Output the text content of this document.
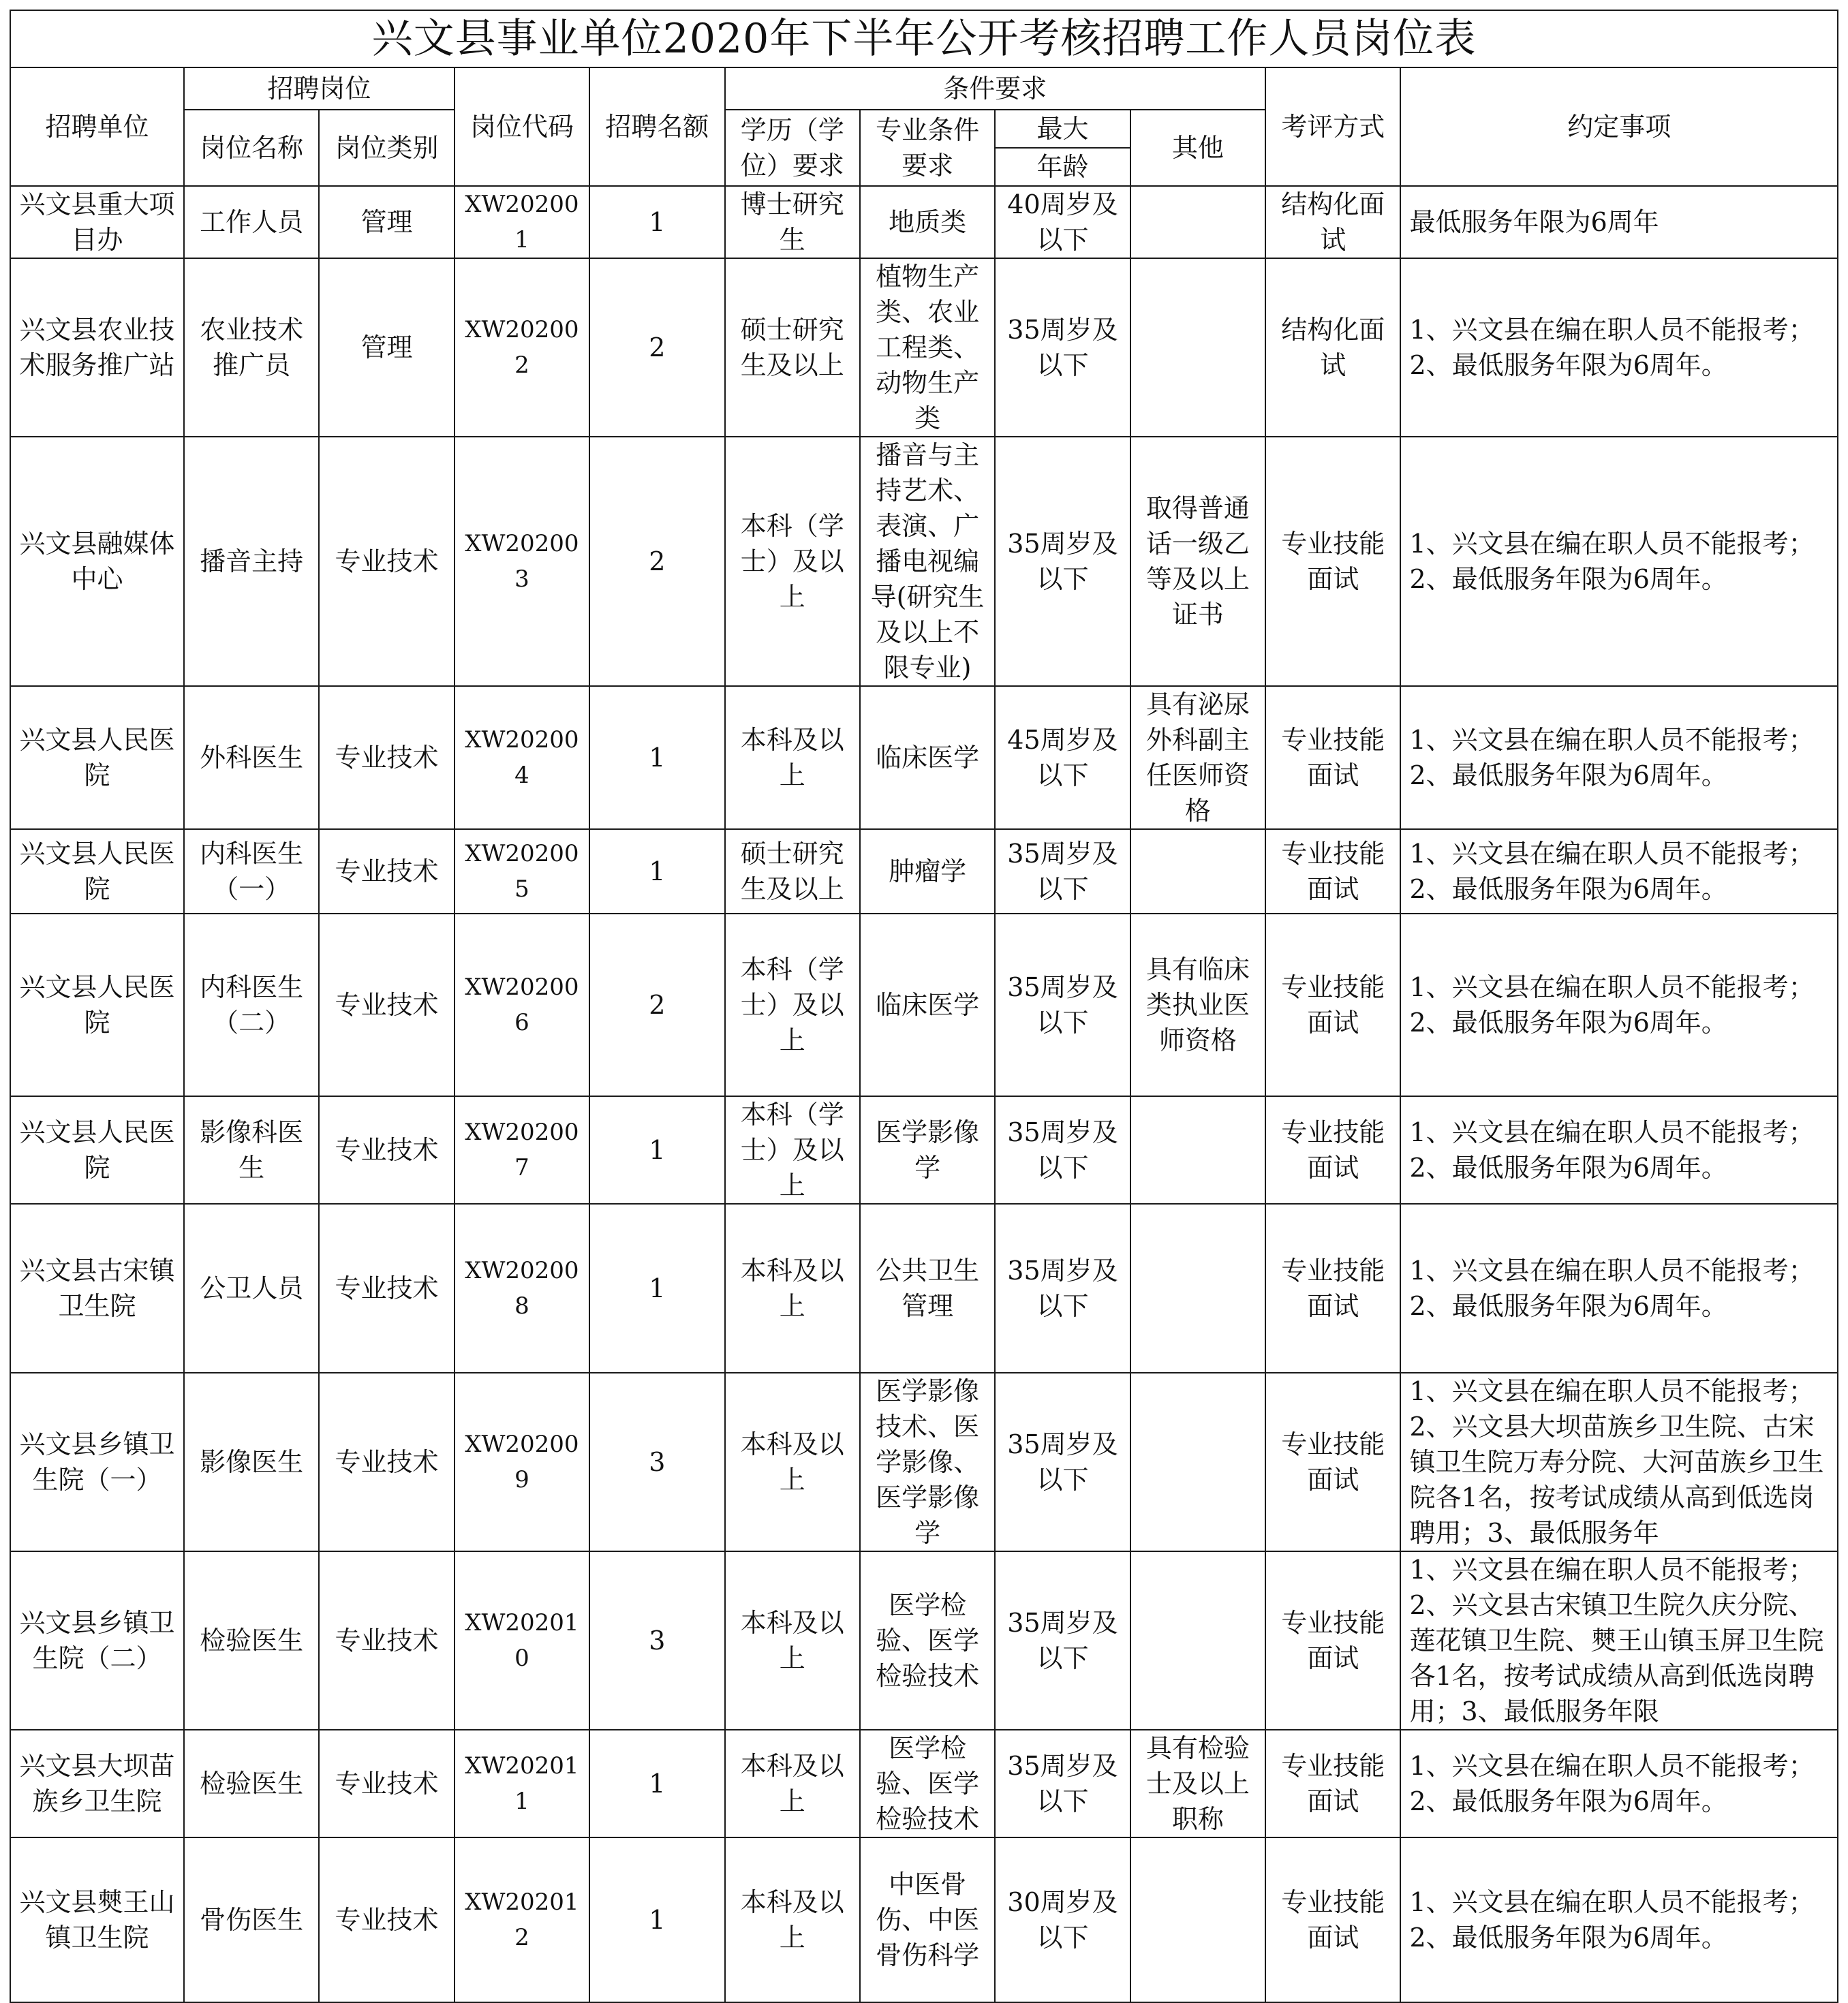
兴文县事业单位2020年下半年公开考核招聘工作人员岗位表										
招聘单位	招聘岗位		岗位代码	招聘名额	条件要求				考评方式	约定事项
	岗位名称	岗位类别			学历（学位）要求	专业条件要求	最大	其他		
							年龄			
兴文县重大项目办	工作人员	管理	XW202001	1	博士研究生	地质类	40周岁及以下		结构化面试	最低服务年限为6周年
兴文县农业技术服务推广站	农业技术推广员	管理	XW202002	2	硕士研究生及以上	植物生产类、农业工程类、动物生产类	35周岁及以下		结构化面试	1、兴文县在编在职人员不能报考；2、最低服务年限为6周年。
兴文县融媒体中心	播音主持	专业技术	XW202003	2	本科（学士）及以上	播音与主持艺术、表演、广播电视编导(研究生及以上不限专业)	35周岁及以下	取得普通话一级乙等及以上证书	专业技能面试	1、兴文县在编在职人员不能报考；2、最低服务年限为6周年。
兴文县人民医院	外科医生	专业技术	XW202004	1	本科及以上	临床医学	45周岁及以下	具有泌尿外科副主任医师资格	专业技能面试	1、兴文县在编在职人员不能报考；2、最低服务年限为6周年。
兴文县人民医院	内科医生（一）	专业技术	XW202005	1	硕士研究生及以上	肿瘤学	35周岁及以下		专业技能面试	1、兴文县在编在职人员不能报考；2、最低服务年限为6周年。
兴文县人民医院	内科医生（二）	专业技术	XW202006	2	本科（学士）及以上	临床医学	35周岁及以下	具有临床类执业医师资格	专业技能面试	1、兴文县在编在职人员不能报考；2、最低服务年限为6周年。
兴文县人民医院	影像科医生	专业技术	XW202007	1	本科（学士）及以上	医学影像学	35周岁及以下		专业技能面试	1、兴文县在编在职人员不能报考；2、最低服务年限为6周年。
兴文县古宋镇卫生院	公卫人员	专业技术	XW202008	1	本科及以上	公共卫生管理	35周岁及以下		专业技能面试	1、兴文县在编在职人员不能报考；2、最低服务年限为6周年。
兴文县乡镇卫生院（一）	影像医生	专业技术	XW202009	3	本科及以上	医学影像技术、医学影像、医学影像学	35周岁及以下		专业技能面试	1、兴文县在编在职人员不能报考；2、兴文县大坝苗族乡卫生院、古宋镇卫生院万寿分院、大河苗族乡卫生院各1名，按考试成绩从高到低选岗聘用；3、最低服务年
兴文县乡镇卫生院（二）	检验医生	专业技术	XW202010	3	本科及以上	医学检验、医学检验技术	35周岁及以下		专业技能面试	1、兴文县在编在职人员不能报考；2、兴文县古宋镇卫生院久庆分院、莲花镇卫生院、僰王山镇玉屏卫生院各1名，按考试成绩从高到低选岗聘用；3、最低服务年限
兴文县大坝苗族乡卫生院	检验医生	专业技术	XW202011	1	本科及以上	医学检验、医学检验技术	35周岁及以下	具有检验士及以上职称	专业技能面试	1、兴文县在编在职人员不能报考；2、最低服务年限为6周年。
兴文县僰王山镇卫生院	骨伤医生	专业技术	XW202012	1	本科及以上	中医骨伤、中医骨伤科学	30周岁及以下		专业技能面试	1、兴文县在编在职人员不能报考；2、最低服务年限为6周年。
